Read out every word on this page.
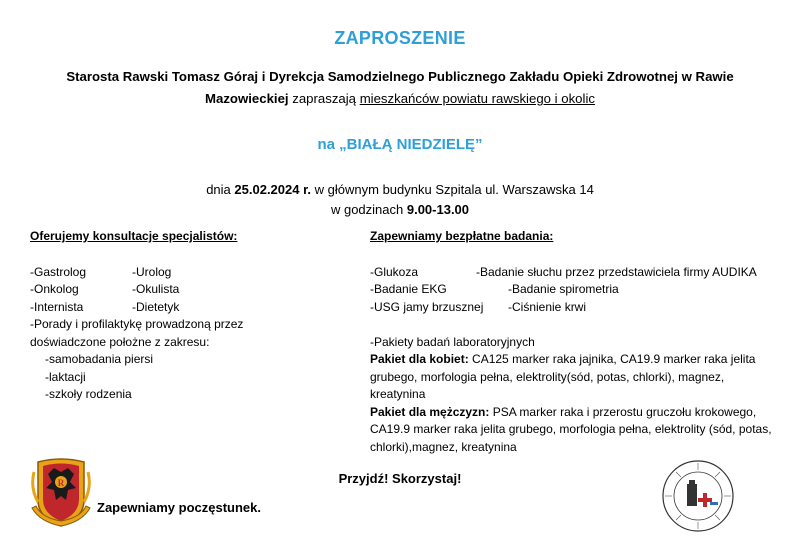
ZAPROSZENIE
Starosta Rawski Tomasz Góraj i Dyrekcja Samodzielnego Publicznego Zakładu Opieki Zdrowotnej w Rawie Mazowieckiej zapraszają mieszkańców powiatu rawskiego i okolic
na „BIAŁĄ NIEDZIELĘ”
dnia 25.02.2024 r. w głównym budynku Szpitala ul. Warszawska 14
w godzinach 9.00-13.00
Oferujemy konsultacje specjalistów:
-Gastrolog	-Urolog
-Onkolog	-Okulista
-Internista	-Dietetyk
-Porady i profilaktykę prowadzoną przez
doświadczone położne z zakresu:
-samobadania piersi
-laktacji
-szkoły rodzenia
Zapewniamy bezpłatne badania:
-Glukoza	-Badanie słuchu przez przedstawiciela firmy AUDIKA
-Badanie EKG	-Badanie spirometria
-USG jamy brzusznej	-Ciśnienie krwi
-Pakiety badań laboratoryjnych
Pakiet dla kobiet: CA125 marker raka jajnika, CA19.9 marker raka jelita grubego, morfologia pełna, elektrolity(sód, potas, chlorki), magnez, kreatynina
Pakiet dla mężczyzn: PSA marker raka i przerostu gruczołu krokowego, CA19.9 marker raka jelita grubego, morfologia pełna, elektrolity (sód, potas, chlorki),magnez, kreatynina
Przyjdź! Skorzystaj!
Zapewniamy poczęstunek.
R
